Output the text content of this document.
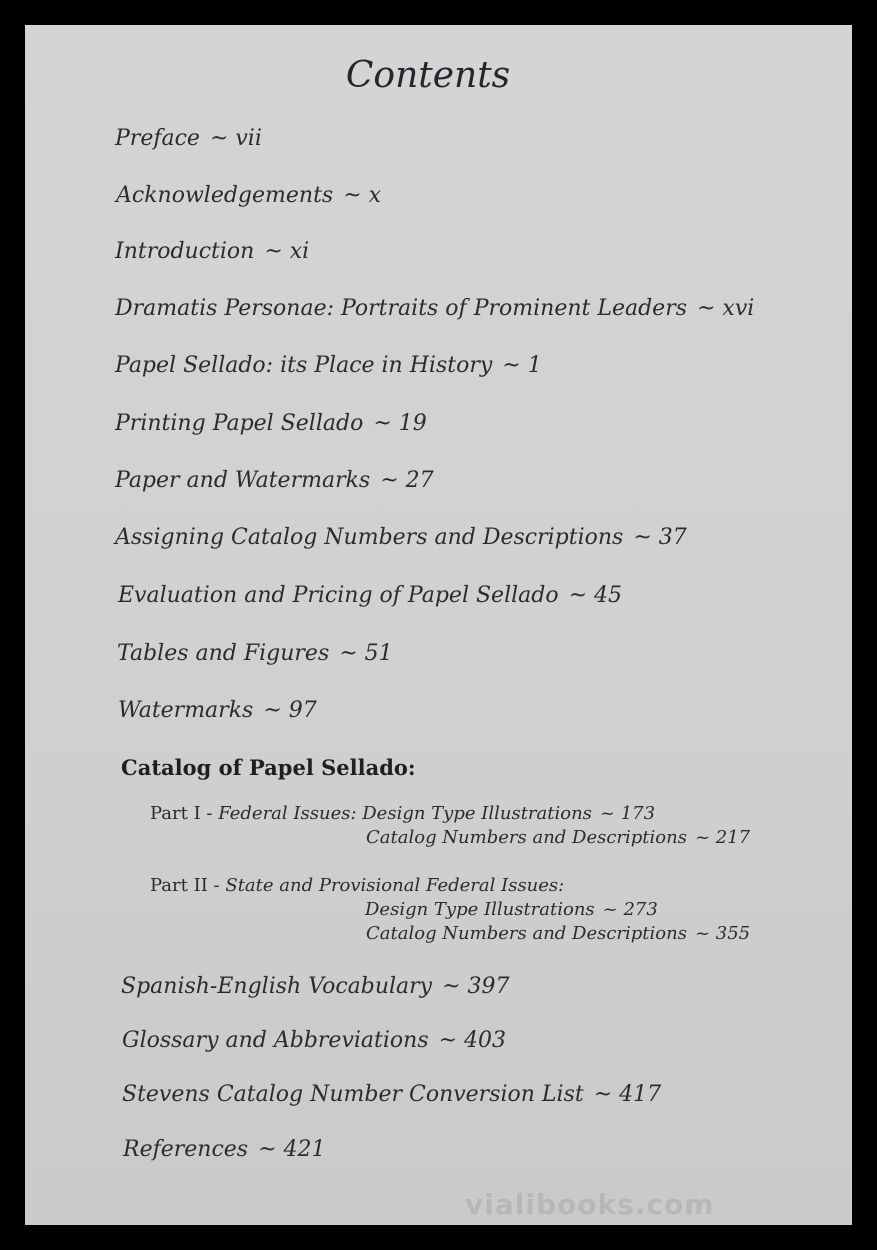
Contents
Preface ~ vii
Acknowledgements ~ x
Introduction ~ xi
Dramatis Personae: Portraits of Prominent Leaders ~ xvi
Papel Sellado: its Place in History ~ 1
Printing Papel Sellado ~ 19
Paper and Watermarks ~ 27
Assigning Catalog Numbers and Descriptions ~ 37
Evaluation and Pricing of Papel Sellado ~ 45
Tables and Figures ~ 51
Watermarks ~ 97
Catalog of Papel Sellado:
Part I - Federal Issues: Design Type Illustrations ~ 173
Catalog Numbers and Descriptions ~ 217
Part II - State and Provisional Federal Issues:
Design Type Illustrations ~ 273
Catalog Numbers and Descriptions ~ 355
Spanish-English Vocabulary ~ 397
Glossary and Abbreviations ~ 403
Stevens Catalog Number Conversion List ~ 417
References ~ 421
vialibooks.com
